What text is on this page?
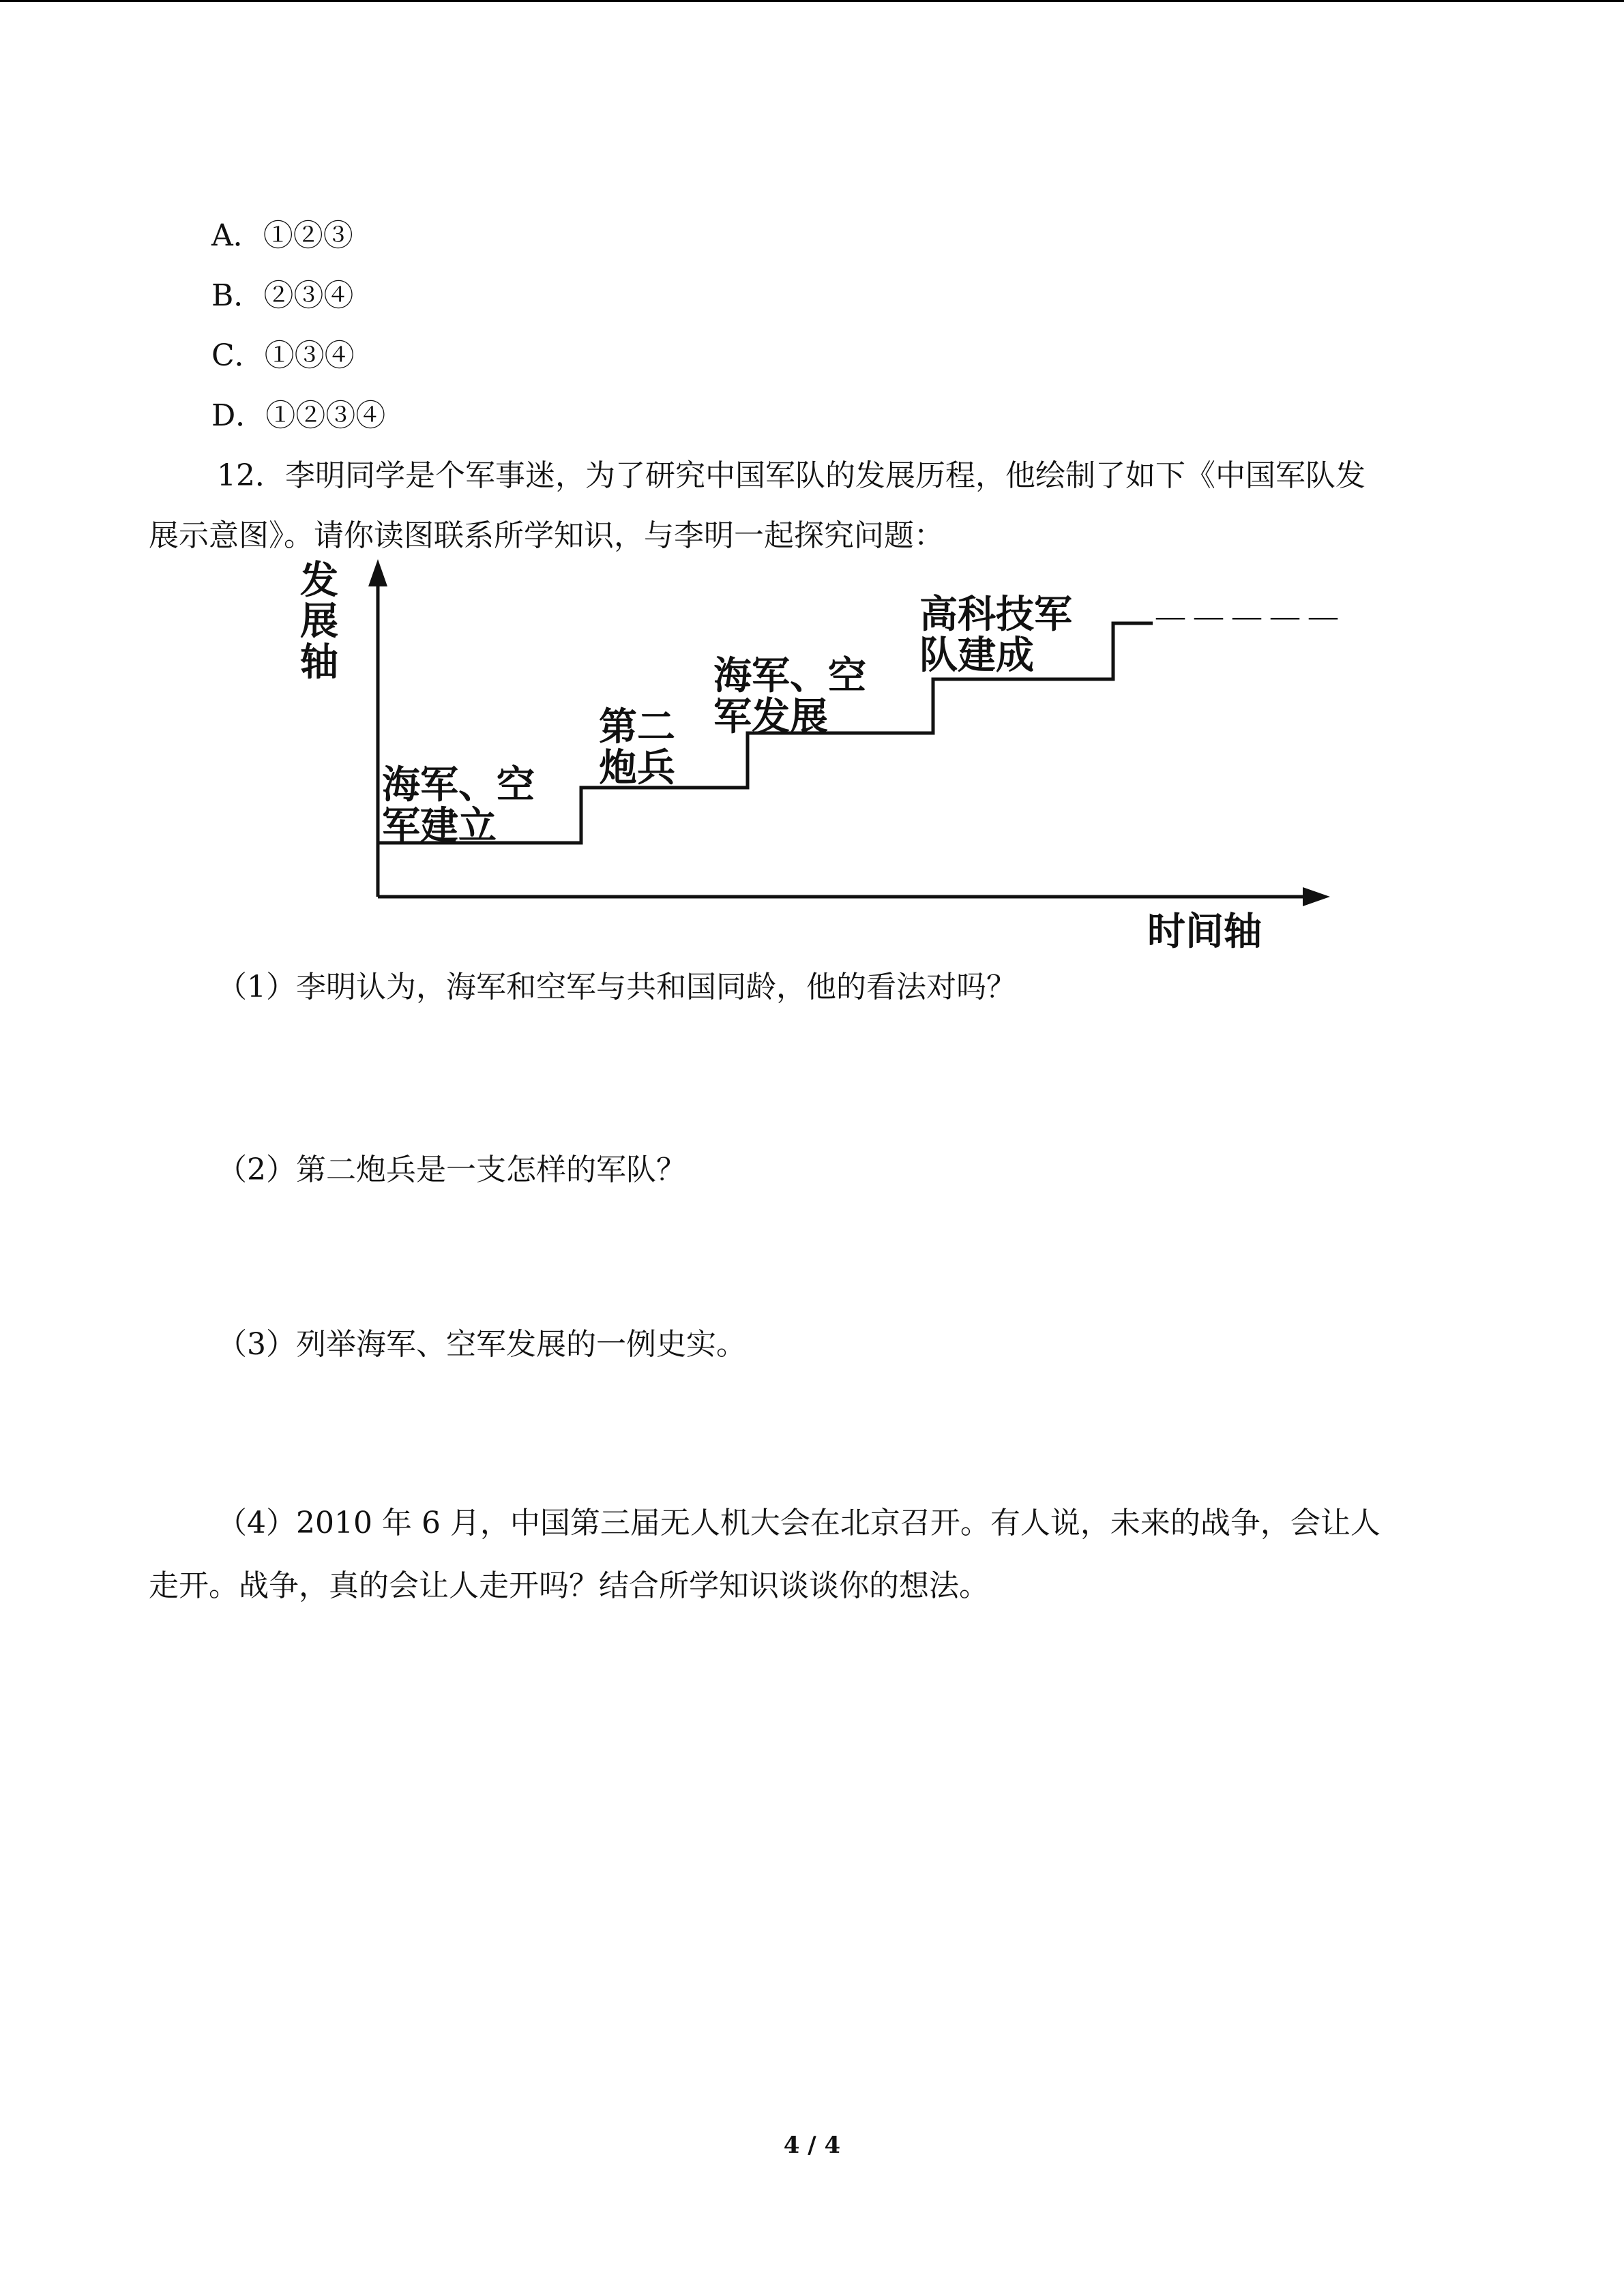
A．①②③
B．②③④
C．①③④
D．①②③④
12．李明同学是个军事迷，为了研究中国军队的发展历程，他绘制了如下《中国军队发
展示意图》。请你读图联系所学知识，与李明一起探究问题：
发
展
轴
海军、空
军建立
第二
炮兵
海军、空
军发展
高科技军
队建成
－－－－－
时间轴
（1）李明认为，海军和空军与共和国同龄，他的看法对吗？
（2）第二炮兵是一支怎样的军队？
（3）列举海军、空军发展的一例史实。
（4）2010 年 6 月，中国第三届无人机大会在北京召开。有人说，未来的战争，会让人
走开。战争，真的会让人走开吗？结合所学知识谈谈你的想法。
4 / 4
